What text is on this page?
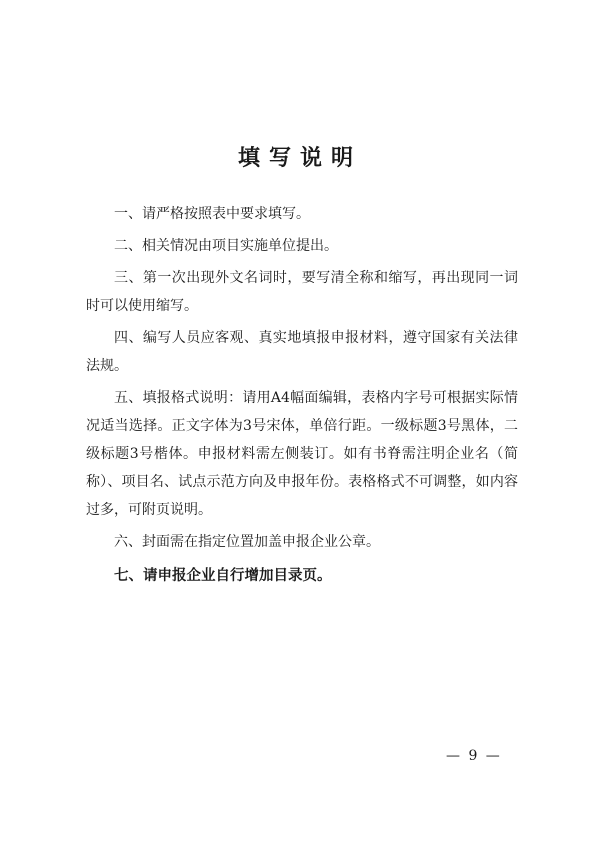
填写说明

一、请严格按照表中要求填写。

二、相关情况由项目实施单位提出。

三、第一次出现外文名词时，要写清全称和缩写，再出现同一词时可以使用缩写。

四、编写人员应客观、真实地填报申报材料，遵守国家有关法律法规。

五、填报格式说明：请用A4幅面编辑，表格内字号可根据实际情况适当选择。正文字体为3号宋体，单倍行距。一级标题3号黑体，二级标题3号楷体。申报材料需左侧装订。如有书脊需注明企业名（简称）、项目名、试点示范方向及申报年份。表格格式不可调整，如内容过多，可附页说明。

六、封面需在指定位置加盖申报企业公章。

七、请申报企业自行增加目录页。

— 9 —
